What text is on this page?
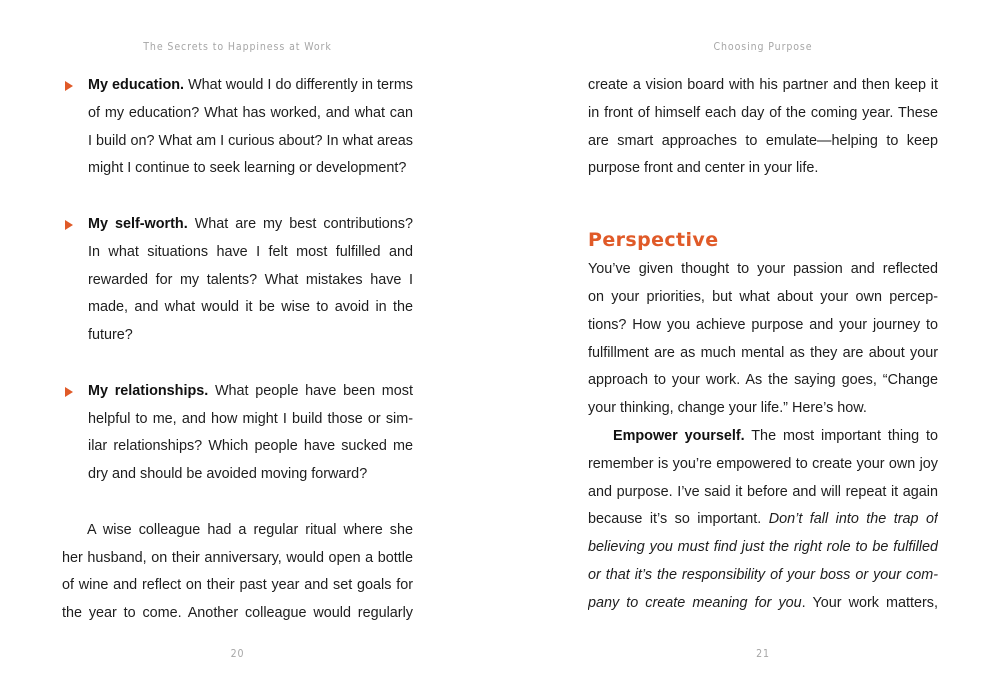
The Secrets to Happiness at Work
My education. What would I do differently in terms
of my education? What has worked, and what can
I build on? What am I curious about? In what areas
might I continue to seek learning or development?
My self-worth. What are my best contributions?
In what situations have I felt most fulfilled and
rewarded for my talents? What mistakes have I
made, and what would it be wise to avoid in the
future?
My relationships. What people have been most
helpful to me, and how might I build those or sim-
ilar relationships? Which people have sucked me
dry and should be avoided moving forward?
A wise colleague had a regular ritual where she
her husband, on their anniversary, would open a bottle
of wine and reflect on their past year and set goals for
the year to come. Another colleague would regularly
20
Choosing Purpose
create a vision board with his partner and then keep it
in front of himself each day of the coming year. These
are smart approaches to emulate—helping to keep
purpose front and center in your life.
Perspective
You’ve given thought to your passion and reflected
on your priorities, but what about your own percep-
tions? How you achieve purpose and your journey to
fulfillment are as much mental as they are about your
approach to your work. As the saying goes, “Change
your thinking, change your life.” Here’s how.
Empower yourself. The most important thing to
remember is you’re empowered to create your own joy
and purpose. I’ve said it before and will repeat it again
because it’s so important. Don’t fall into the trap of
believing you must find just the right role to be fulfilled
or that it’s the responsibility of your boss or your com-
pany to create meaning for you. Your work matters,
21
